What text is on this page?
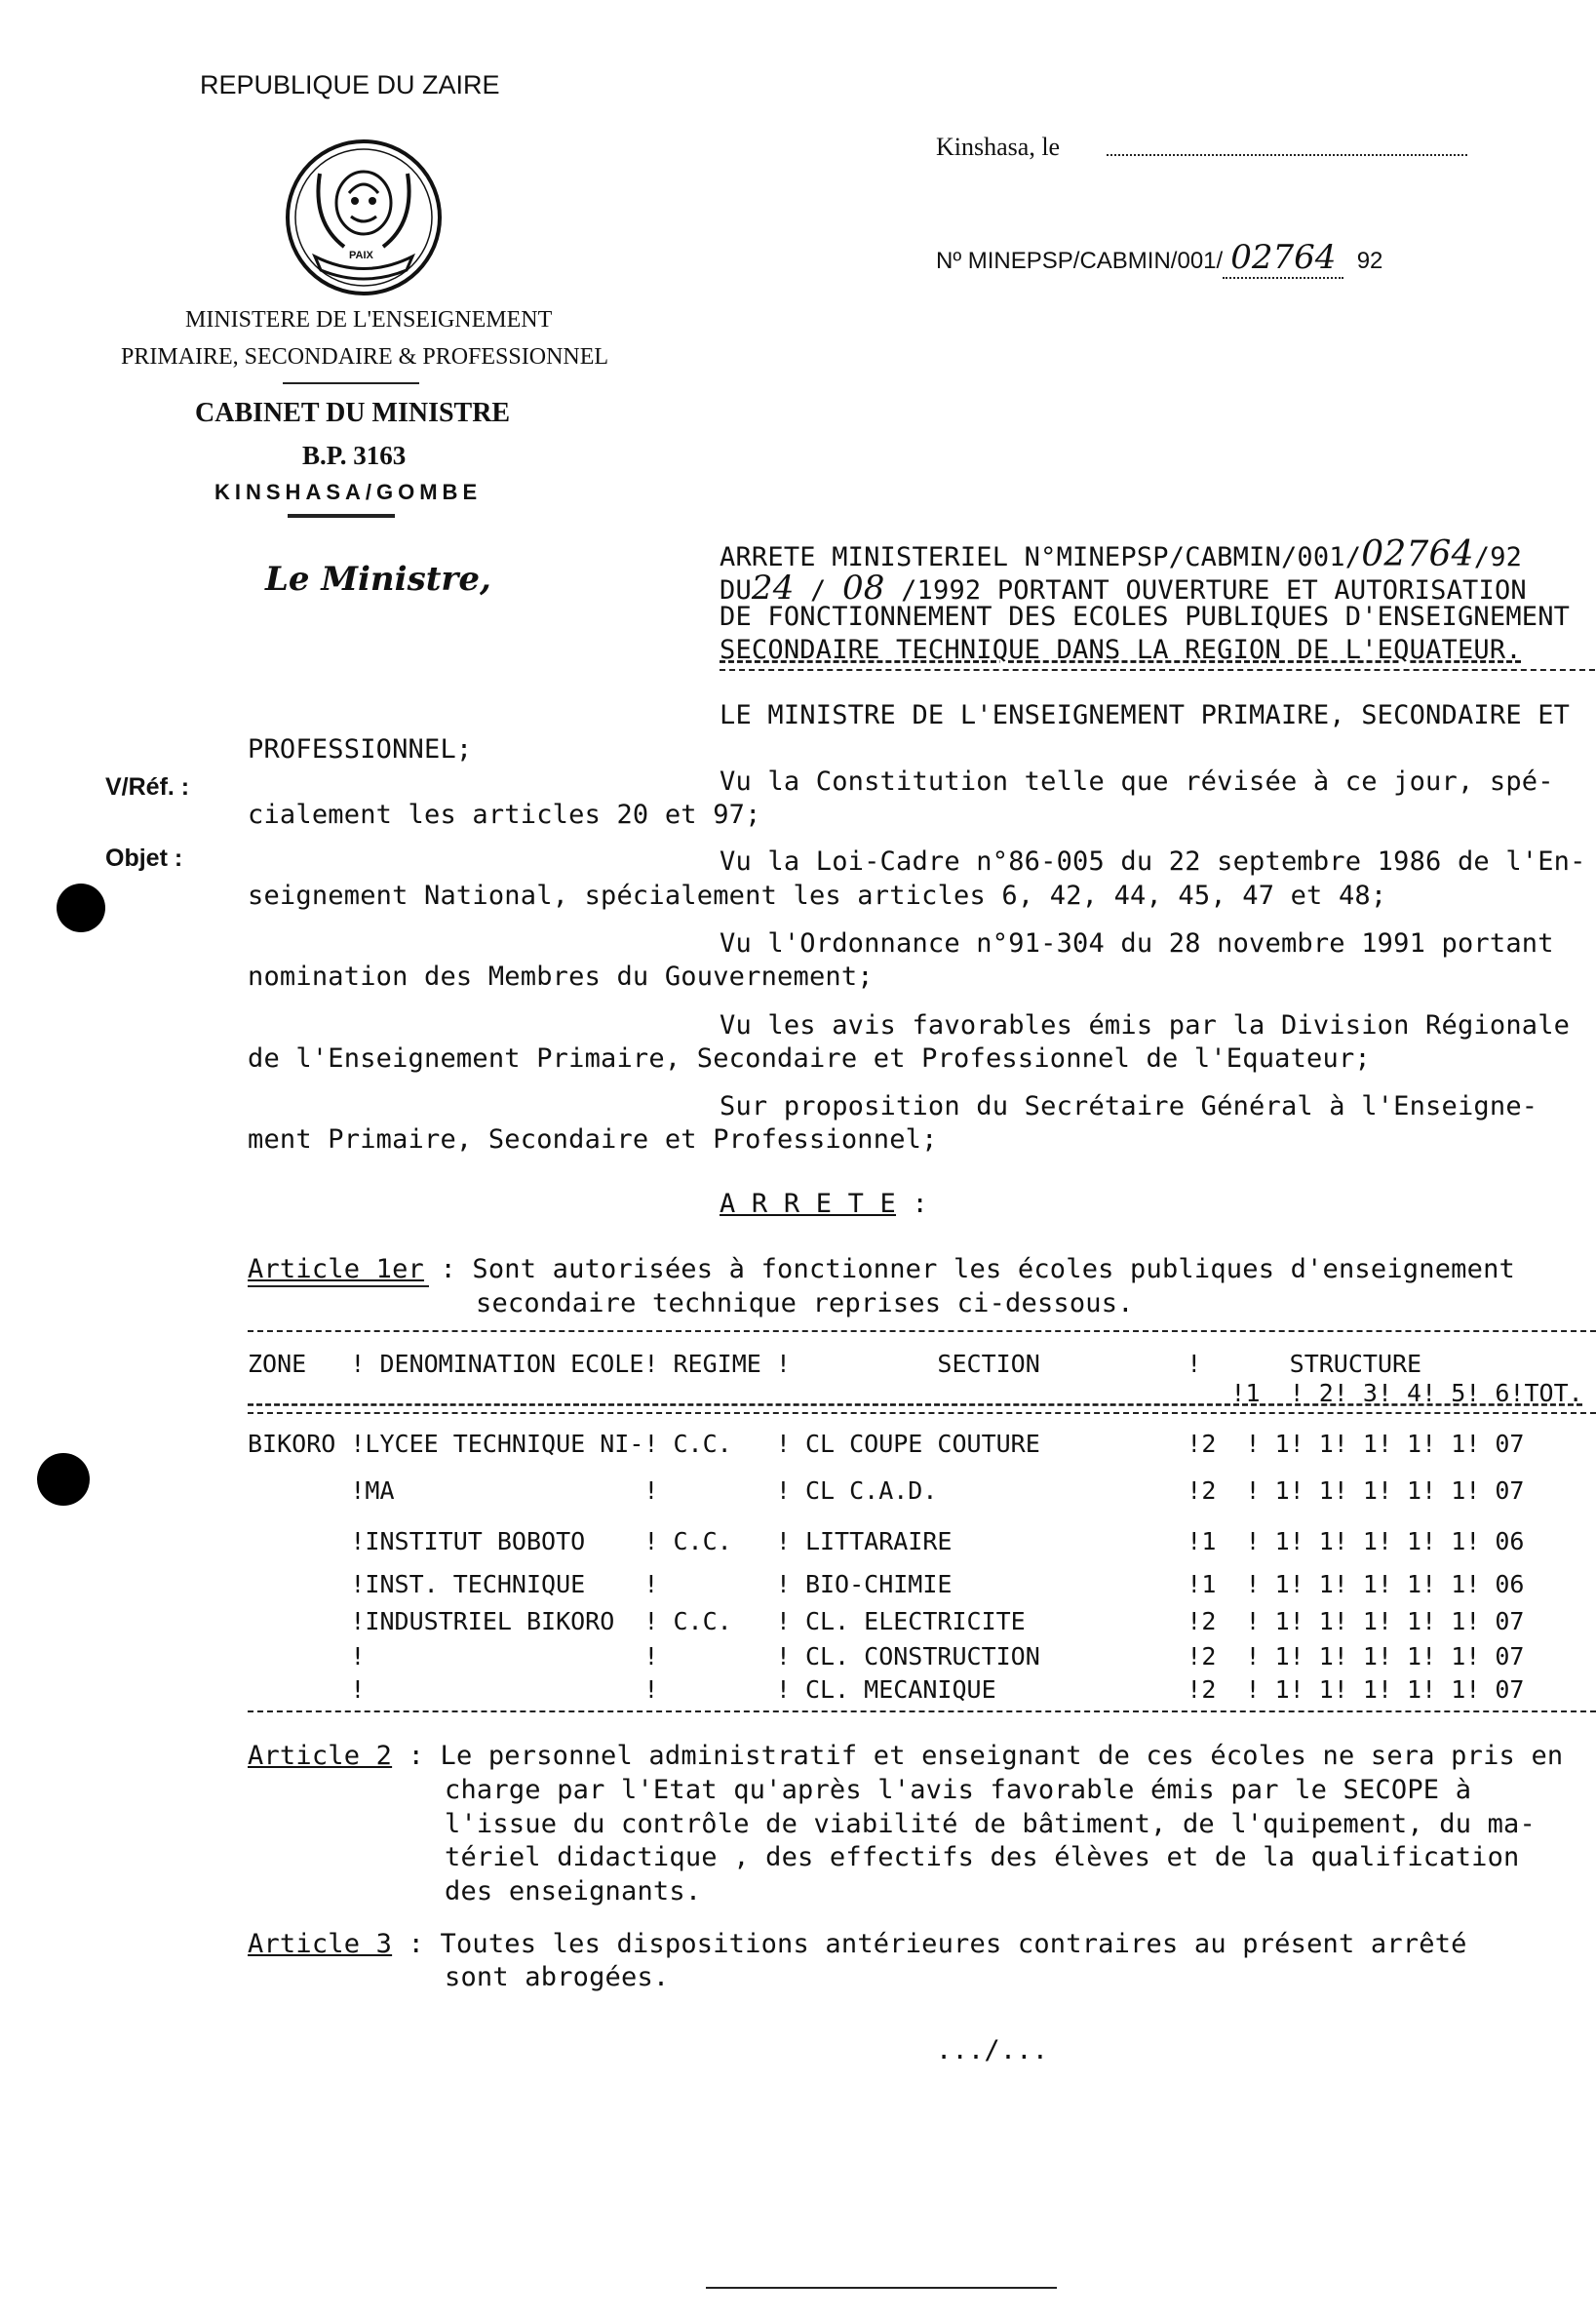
REPUBLIQUE DU ZAIRE
PAIX
MINISTERE DE L'ENSEIGNEMENT
PRIMAIRE, SECONDAIRE & PROFESSIONNEL
CABINET DU MINISTRE
B.P. 3163
KINSHASA/GOMBE
Le Ministre,
Kinshasa, le
Nº MINEPSP/CABMIN/001/ 02764 92
ARRETE MINISTERIEL N°MINEPSP/CABMIN/001/02764/92
DU24 / 08 /1992 PORTANT OUVERTURE ET AUTORISATION
DE FONCTIONNEMENT DES ECOLES PUBLIQUES D'ENSEIGNEMENT
SECONDAIRE TECHNIQUE DANS LA REGION DE L'EQUATEUR.
V/Réf. :
Objet :
LE MINISTRE DE L'ENSEIGNEMENT PRIMAIRE, SECONDAIRE ET
PROFESSIONNEL;
Vu la Constitution telle que révisée à ce jour, spé-
cialement les articles 20 et 97;
Vu la Loi-Cadre n°86-005 du 22 septembre 1986 de l'En-
seignement National, spécialement les articles 6, 42, 44, 45, 47 et 48;
Vu l'Ordonnance n°91-304 du 28 novembre 1991 portant
nomination des Membres du Gouvernement;
Vu les avis favorables émis par la Division Régionale
de l'Enseignement Primaire, Secondaire et Professionnel de l'Equateur;
Sur proposition du Secrétaire Général à l'Enseigne-
ment Primaire, Secondaire et Professionnel;
A R R E T E :
Article 1er : Sont autorisées à fonctionner les écoles publiques d'enseignement
secondaire technique reprises ci-dessous.
ZONE   ! DENOMINATION ECOLE! REGIME !          SECTION          !      STRUCTURE
!1  ! 2! 3! 4! 5! 6!TOT.
BIKORO !LYCEE TECHNIQUE NI-! C.C.   ! CL COUPE COUTURE          !2  ! 1! 1! 1! 1! 1! 07
!MA                 !        ! CL C.A.D.                 !2  ! 1! 1! 1! 1! 1! 07
!INSTITUT BOBOTO    ! C.C.   ! LITTARAIRE                !1  ! 1! 1! 1! 1! 1! 06
!INST. TECHNIQUE    !        ! BIO-CHIMIE                !1  ! 1! 1! 1! 1! 1! 06
!INDUSTRIEL BIKORO  ! C.C.   ! CL. ELECTRICITE           !2  ! 1! 1! 1! 1! 1! 07
!                   !        ! CL. CONSTRUCTION          !2  ! 1! 1! 1! 1! 1! 07
!                   !        ! CL. MECANIQUE             !2  ! 1! 1! 1! 1! 1! 07
Article 2 : Le personnel administratif et enseignant de ces écoles ne sera pris en
charge par l'Etat qu'après l'avis favorable émis par le SECOPE à
l'issue du contrôle de viabilité de bâtiment, de l'quipement, du ma-
tériel didactique , des effectifs des élèves et de la qualification
des enseignants.
Article 3 : Toutes les dispositions antérieures contraires au présent arrêté
sont abrogées.
.../...
